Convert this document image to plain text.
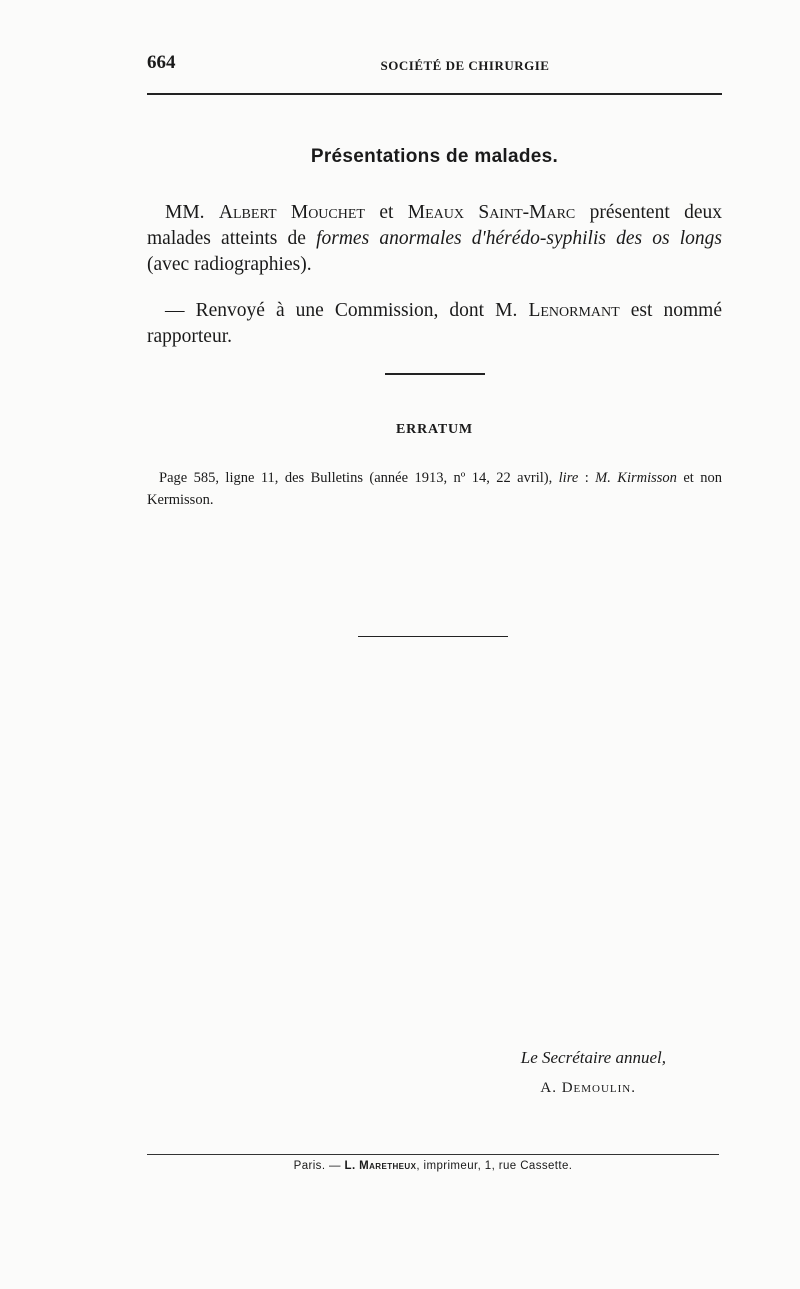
664	SOCIÉTÉ DE CHIRURGIE
Présentations de malades.
MM. Albert Mouchet et Meaux Saint-Marc présentent deux malades atteints de formes anormales d'hérédo-syphilis des os longs (avec radiographies).
— Renvoyé à une Commission, dont M. Lenormant est nommé rapporteur.
ERRATUM
Page 585, ligne 11, des Bulletins (année 1913, nº 14, 22 avril), lire : M. Kirmisson et non Kermisson.
Le Secrétaire annuel,
A. Demoulin.
Paris. — L. Maretheux, imprimeur, 1, rue Cassette.
